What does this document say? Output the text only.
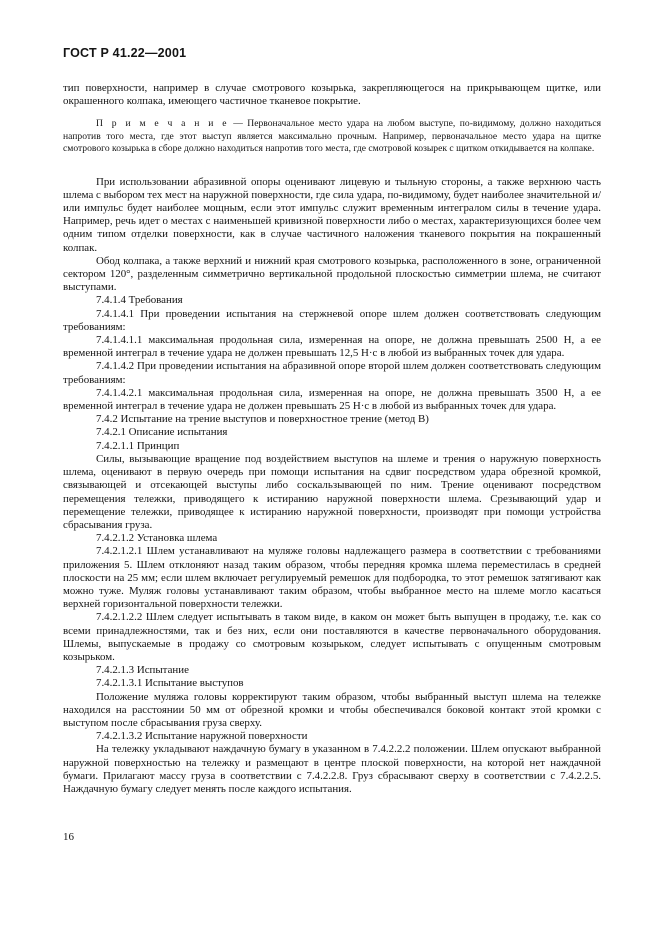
ГОСТ Р 41.22—2001

тип поверхности, например в случае смотрового козырька, закрепляющегося на прикрывающем щитке, или окрашенного колпака, имеющего частичное тканевое покрытие.

П р и м е ч а н и е — Первоначальное место удара на любом выступе, по-видимому, должно находиться напротив того места, где этот выступ является максимально прочным. Например, первоначальное место удара на щитке смотрового козырька в сборе должно находиться напротив того места, где смотровой козырек с щитком откидывается на колпаке.

При использовании абразивной опоры оценивают лицевую и тыльную стороны, а также верхнюю часть шлема с выбором тех мест на наружной поверхности, где сила удара, по-видимому, будет наиболее значительной и/или импульс будет наиболее мощным, если этот импульс служит временным интегралом силы в течение удара. Например, речь идет о местах с наименьшей кривизной поверхности либо о местах, характеризующихся более чем одним типом отделки поверхности, как в случае частичного наложения тканевого покрытия на покрашенный колпак.

Обод колпака, а также верхний и нижний края смотрового козырька, расположенного в зоне, ограниченной сектором 120°, разделенным симметрично вертикальной продольной плоскостью симметрии шлема, не считают выступами.

7.4.1.4 Требования

7.4.1.4.1 При проведении испытания на стержневой опоре шлем должен соответствовать следующим требованиям:

7.4.1.4.1.1 максимальная продольная сила, измеренная на опоре, не должна превышать 2500 Н, а ее временной интеграл в течение удара не должен превышать 12,5 Н·с в любой из выбранных точек для удара.

7.4.1.4.2 При проведении испытания на абразивной опоре второй шлем должен соответствовать следующим требованиям:

7.4.1.4.2.1 максимальная продольная сила, измеренная на опоре, не должна превышать 3500 Н, а ее временной интеграл в течение удара не должен превышать 25 Н·с в любой из выбранных точек для удара.

7.4.2 Испытание на трение выступов и поверхностное трение (метод В)

7.4.2.1 Описание испытания

7.4.2.1.1 Принцип

Силы, вызывающие вращение под воздействием выступов на шлеме и трения о наружную поверхность шлема, оценивают в первую очередь при помощи испытания на сдвиг посредством удара обрезной кромкой, связывающей и отсекающей выступы либо соскальзывающей по ним. Трение оценивают посредством перемещения тележки, приводящего к истиранию наружной поверхности шлема. Срезывающий удар и перемещение тележки, приводящее к истиранию наружной поверхности, производят при помощи устройства сбрасывания груза.

7.4.2.1.2 Установка шлема

7.4.2.1.2.1 Шлем устанавливают на муляже головы надлежащего размера в соответствии с требованиями приложения 5. Шлем отклоняют назад таким образом, чтобы передняя кромка шлема переместилась в средней плоскости на 25 мм; если шлем включает регулируемый ремешок для подбородка, то этот ремешок затягивают как можно туже. Муляж головы устанавливают таким образом, чтобы выбранное место на шлеме могло касаться верхней горизонтальной поверхности тележки.

7.4.2.1.2.2 Шлем следует испытывать в таком виде, в каком он может быть выпущен в продажу, т.е. как со всеми принадлежностями, так и без них, если они поставляются в качестве первоначального оборудования. Шлемы, выпускаемые в продажу со смотровым козырьком, следует испытывать с опущенным смотровым козырьком.

7.4.2.1.3 Испытание

7.4.2.1.3.1 Испытание выступов

Положение муляжа головы корректируют таким образом, чтобы выбранный выступ шлема на тележке находился на расстоянии 50 мм от обрезной кромки и чтобы обеспечивался боковой контакт этой кромки с выступом после сбрасывания груза сверху.

7.4.2.1.3.2 Испытание наружной поверхности

На тележку укладывают наждачную бумагу в указанном в 7.4.2.2.2 положении. Шлем опускают выбранной наружной поверхностью на тележку и размещают в центре плоской поверхности, на которой нет наждачной бумаги. Прилагают массу груза в соответствии с 7.4.2.2.8. Груз сбрасывают сверху в соответствии с 7.4.2.2.5. Наждачную бумагу следует менять после каждого испытания.

16
